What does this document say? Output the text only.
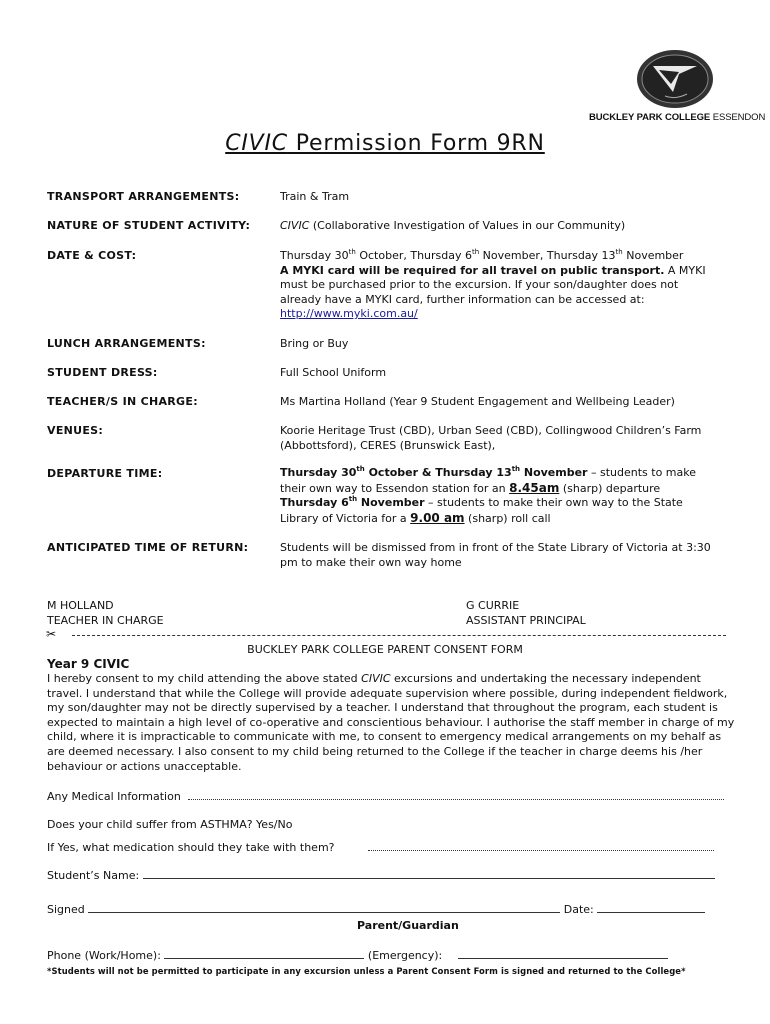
BUCKLEY PARK COLLEGE ESSENDON
CIVIC Permission Form 9RN
TRANSPORT ARRANGEMENTS:	Train & Tram
NATURE OF STUDENT ACTIVITY:	CIVIC (Collaborative Investigation of Values in our Community)
DATE & COST:	Thursday 30th October, Thursday 6th November, Thursday 13th November
A MYKI card will be required for all travel on public transport. A MYKI must be purchased prior to the excursion. If your son/daughter does not already have a MYKI card, further information can be accessed at:
http://www.myki.com.au/
LUNCH ARRANGEMENTS:	Bring or Buy
STUDENT DRESS:	Full School Uniform
TEACHER/S IN CHARGE:	Ms Martina Holland (Year 9 Student Engagement and Wellbeing Leader)
VENUES:	Koorie Heritage Trust (CBD), Urban Seed (CBD), Collingwood Children’s Farm (Abbottsford), CERES (Brunswick East),
DEPARTURE TIME:	Thursday 30th October & Thursday 13th November – students to make their own way to Essendon station for an 8.45am (sharp) departure
Thursday 6th November – students to make their own way to the State Library of Victoria for a 9.00 am (sharp) roll call
ANTICIPATED TIME OF RETURN:	Students will be dismissed from in front of the State Library of Victoria at 3:30 pm to make their own way home
M HOLLAND
TEACHER IN CHARGE
G CURRIE
ASSISTANT PRINCIPAL
✂
BUCKLEY PARK COLLEGE PARENT CONSENT FORM
Year 9 CIVIC
I hereby consent to my child attending the above stated CIVIC excursions and undertaking the necessary independent travel. I understand that while the College will provide adequate supervision where possible, during independent fieldwork, my son/daughter may not be directly supervised by a teacher. I understand that throughout the program, each student is expected to maintain a high level of co-operative and conscientious behaviour. I authorise the staff member in charge of my child, where it is impracticable to communicate with me, to consent to emergency medical arrangements on my behalf as are deemed necessary. I also consent to my child being returned to the College if the teacher in charge deems his /her behaviour or actions unacceptable.
Any Medical Information
Does your child suffer from ASTHMA? Yes/No
If Yes, what medication should they take with them?
Student’s Name:
Signed	Date:
Parent/Guardian
Phone (Work/Home):	(Emergency):
*Students will not be permitted to participate in any excursion unless a Parent Consent Form is signed and returned to the College*
